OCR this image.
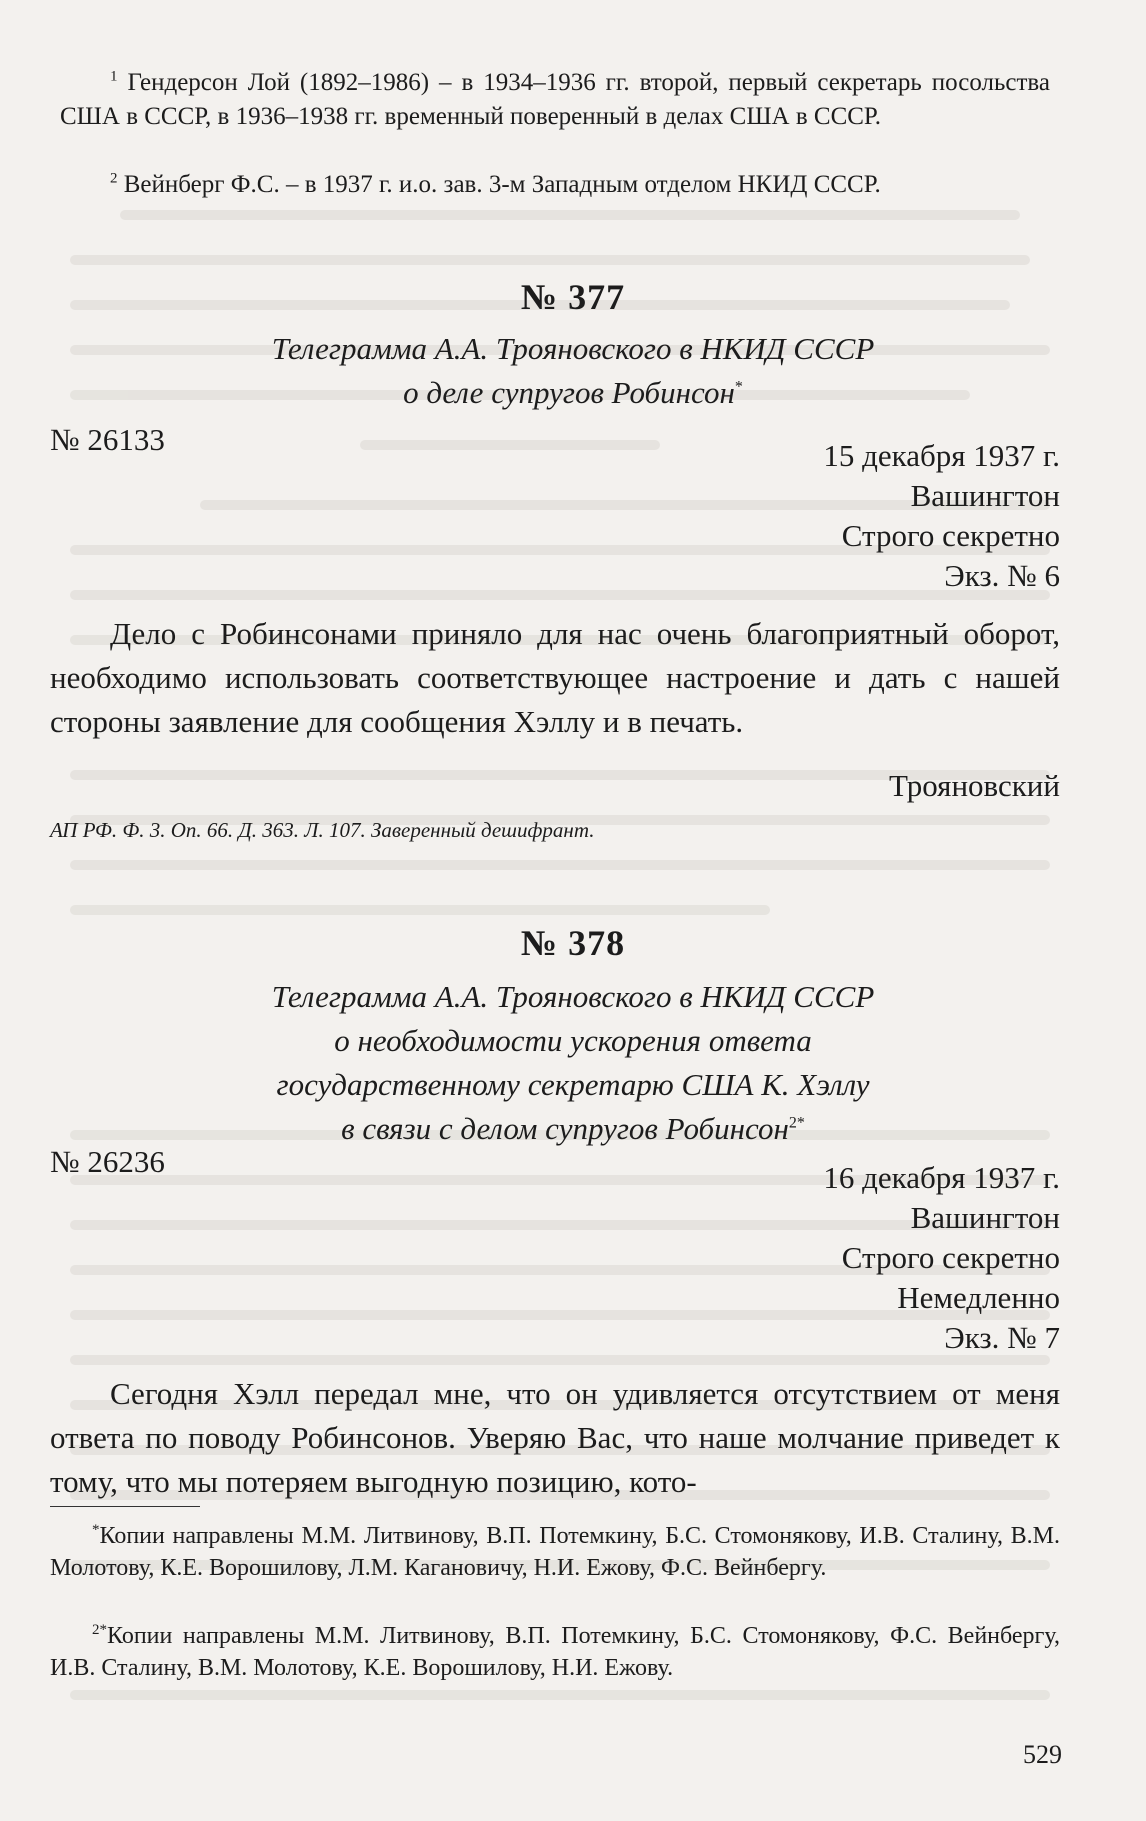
$^1$ Гендерсон Лой (1892–1986) – в 1934–1936 гг. второй, первый секретарь посольства США в СССР, в 1936–1938 гг. временный поверенный в делах США в СССР.
$^2$ Вейнберг Ф.С. – в 1937 г. и.о. зав. 3-м Западным отделом НКИД СССР.
№ 377
Телеграмма А.А. Трояновского в НКИД СССР
о деле супругов Робинсон*
№ 26133	15 декабря 1937 г.
Вашингтон
Строго секретно
Экз. № 6
Дело с Робинсонами приняло для нас очень благоприятный оборот, необходимо использовать соответствующее настроение и дать с нашей стороны заявление для сообщения Хэллу и в печать.
Трояновский
АП РФ. Ф. 3. Оп. 66. Д. 363. Л. 107. Заверенный дешифрант.
№ 378
Телеграмма А.А. Трояновского в НКИД СССР
о необходимости ускорения ответа
государственному секретарю США К. Хэллу
в связи с делом супругов Робинсон$^{2*}$
№ 26236	16 декабря 1937 г.
Вашингтон
Строго секретно
Немедленно
Экз. № 7
Сегодня Хэлл передал мне, что он удивляется отсутствием от меня ответа по поводу Робинсонов. Уверяю Вас, что наше молчание приведет к тому, что мы потеряем выгодную позицию, кото-
*Копии направлены М.М. Литвинову, В.П. Потемкину, Б.С. Стомонякову, И.В. Сталину, В.М. Молотову, К.Е. Ворошилову, Л.М. Кагановичу, Н.И. Ежову, Ф.С. Вейнбергу.
$^{2*}$Копии направлены М.М. Литвинову, В.П. Потемкину, Б.С. Стомонякову, Ф.С. Вейнбергу, И.В. Сталину, В.М. Молотову, К.Е. Ворошилову, Н.И. Ежову.
529
